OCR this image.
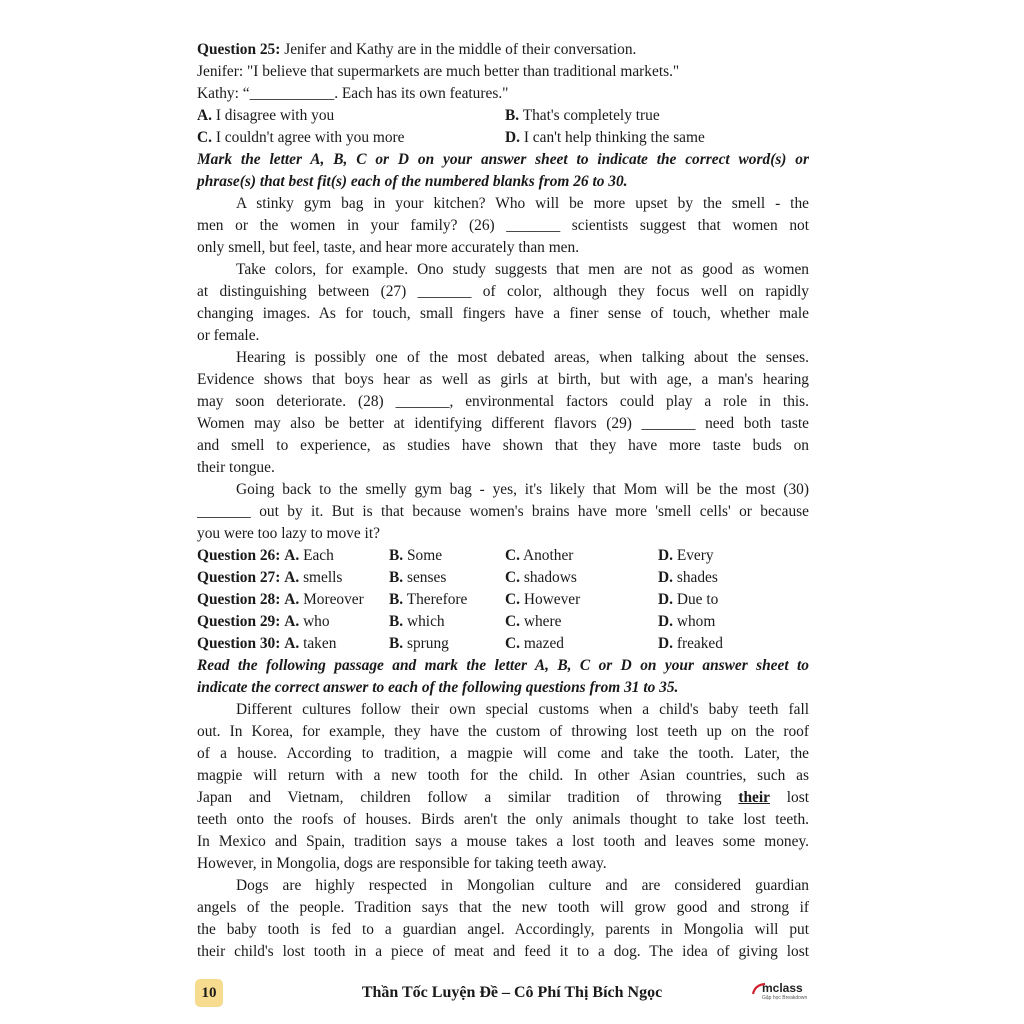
Question 25: Jenifer and Kathy are in the middle of their conversation.
Jenifer: "I believe that supermarkets are much better than traditional markets."
Kathy: “___________. Each has its own features."
A. I disagree with you	B. That's completely true
C. I couldn't agree with you more	D. I can't help thinking the same
Mark the letter A, B, C or D on your answer sheet to indicate the correct word(s) or
phrase(s) that best fit(s) each of the numbered blanks from 26 to 30.
A stinky gym bag in your kitchen? Who will be more upset by the smell - the
men or the women in your family? (26) _______ scientists suggest that women not
only smell, but feel, taste, and hear more accurately than men.
Take colors, for example. Ono study suggests that men are not as good as women
at distinguishing between (27) _______ of color, although they focus well on rapidly
changing images. As for touch, small fingers have a finer sense of touch, whether male
or female.
Hearing is possibly one of the most debated areas, when talking about the senses.
Evidence shows that boys hear as well as girls at birth, but with age, a man's hearing
may soon deteriorate. (28) _______, environmental factors could play a role in this.
Women may also be better at identifying different flavors (29) _______ need both taste
and smell to experience, as studies have shown that they have more taste buds on
their tongue.
Going back to the smelly gym bag - yes, it's likely that Mom will be the most (30)
_______ out by it. But is that because women's brains have more 'smell cells' or because
you were too lazy to move it?
Question 26: A. Each	B. Some	C. Another	D. Every
Question 27: A. smells	B. senses	C. shadows	D. shades
Question 28: A. Moreover	B. Therefore	C. However	D. Due to
Question 29: A. who	B. which	C. where	D. whom
Question 30: A. taken	B. sprung	C. mazed	D. freaked
Read the following passage and mark the letter A, B, C or D on your answer sheet to
indicate the correct answer to each of the following questions from 31 to 35.
Different cultures follow their own special customs when a child's baby teeth fall
out. In Korea, for example, they have the custom of throwing lost teeth up on the roof
of a house. According to tradition, a magpie will come and take the tooth. Later, the
magpie will return with a new tooth for the child. In other Asian countries, such as
Japan and Vietnam, children follow a similar tradition of throwing their lost
teeth onto the roofs of houses. Birds aren't the only animals thought to take lost teeth.
In Mexico and Spain, tradition says a mouse takes a lost tooth and leaves some money.
However, in Mongolia, dogs are responsible for taking teeth away.
Dogs are highly respected in Mongolian culture and are considered guardian
angels of the people. Tradition says that the new tooth will grow good and strong if
the baby tooth is fed to a guardian angel. Accordingly, parents in Mongolia will put
their child's lost tooth in a piece of meat and feed it to a dog. The idea of giving lost
10	Thần Tốc Luyện Đề – Cô Phí Thị Bích Ngọc	mclass
Gặp học Breakdown
